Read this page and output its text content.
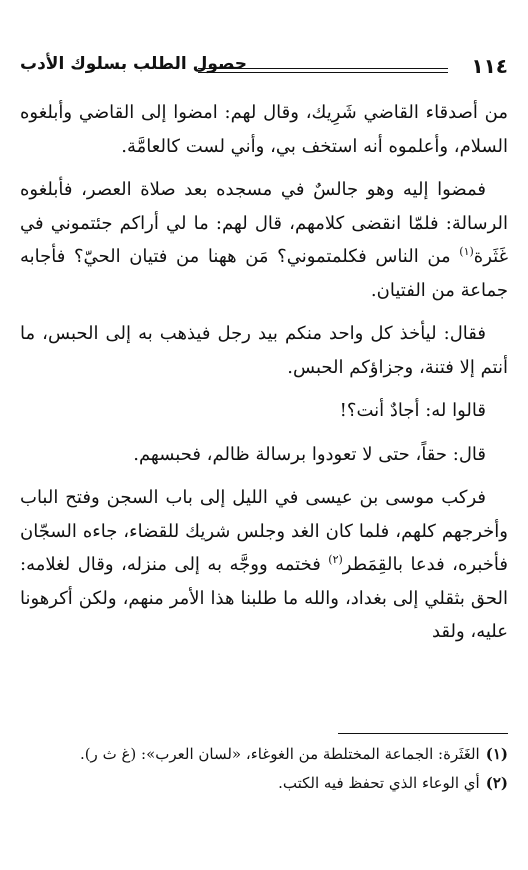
١١٤
حصول الطلب بسلوك الأدب

من أصدقاء القاضي شَرِيك، وقال لهم: امضوا إلى القاضي وأبلغوه السلام، وأعلموه أنه استخف بي، وأني لست كالعامَّة.

فمضوا إليه وهو جالسٌ في مسجده بعد صلاة العصر، فأبلغوه الرسالة: فلمّا انقضى كلامهم، قال لهم: ما لي أراكم جئتموني في غَثَرة$^{(١)}$ من الناس فكلمتموني؟ مَن ههنا من فتيان الحيّ؟ فأجابه جماعة من الفتيان.

فقال: ليأخذ كل واحد منكم بيد رجل فيذهب به إلى الحبس، ما أنتم إلا فتنة، وجزاؤكم الحبس.

قالوا له: أجادٌ أنت؟!

قال: حقاً، حتى لا تعودوا برسالة ظالم، فحبسهم.

فركب موسى بن عيسى في الليل إلى باب السجن وفتح الباب وأخرجهم كلهم، فلما كان الغد وجلس شريك للقضاء، جاءه السجّان فأخبره، فدعا بالقِمَطر$^{(٢)}$ فختمه ووجَّه به إلى منزله، وقال لغلامه: الحق بثقلي إلى بغداد، والله ما طلبنا هذا الأمر منهم، ولكن أكرهونا عليه، ولقد

(١)الغَثَرة: الجماعة المختلطة من الغوغاء، «لسان العرب»: (غ ث ر).

(٢)أي الوعاء الذي تحفظ فيه الكتب.
